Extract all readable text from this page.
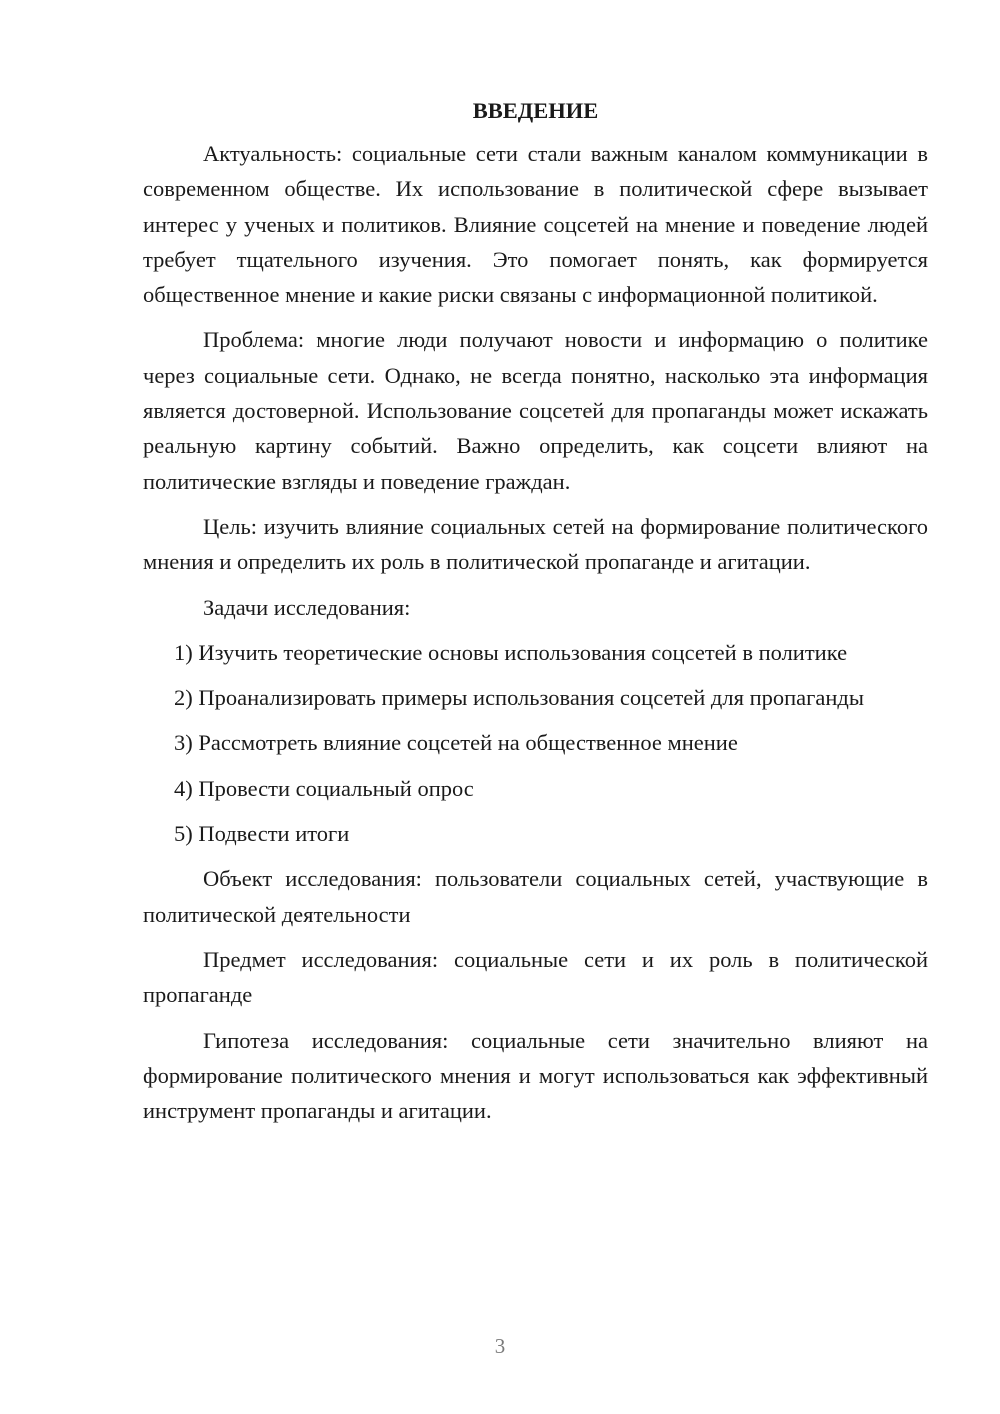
ВВЕДЕНИЕ

Актуальность: социальные сети стали важным каналом коммуникации в современном обществе. Их использование в политической сфере вызывает интерес у ученых и политиков. Влияние соцсетей на мнение и поведение людей требует тщательного изучения. Это помогает понять, как формируется общественное мнение и какие риски связаны с информационной политикой.

Проблема: многие люди получают новости и информацию о политике через социальные сети. Однако, не всегда понятно, насколько эта информация является достоверной. Использование соцсетей для пропаганды может искажать реальную картину событий. Важно определить, как соцсети влияют на политические взгляды и поведение граждан.

Цель: изучить влияние социальных сетей на формирование политического мнения и определить их роль в политической пропаганде и агитации.

Задачи исследования:

1) Изучить теоретические основы использования соцсетей в политике

2) Проанализировать примеры использования соцсетей для пропаганды

3) Рассмотреть влияние соцсетей на общественное мнение

4) Провести социальный опрос

5) Подвести итоги

Объект исследования: пользователи социальных сетей, участвующие в политической деятельности

Предмет исследования: социальные сети и их роль в политической пропаганде

Гипотеза исследования: социальные сети значительно влияют на формирование политического мнения и могут использоваться как эффективный инструмент пропаганды и агитации.

3
